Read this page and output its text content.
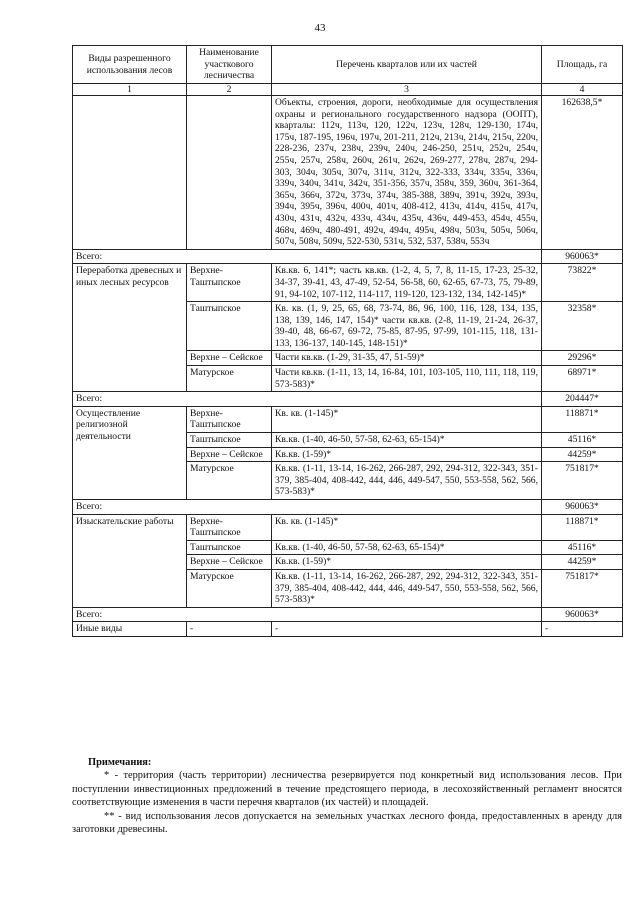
43
Виды разрешенного использования лесов	Наименование участкового лесничества	Перечень кварталов или их частей	Площадь, га
1	2	3	4
		Объекты, строения, дороги, необходимые для осуществления охраны и регионального государственного надзора (ООПТ), кварталы: 112ч, 113ч, 120, 122ч, 123ч, 128ч, 129-130, 174ч, 175ч, 187-195, 196ч, 197ч, 201-211, 212ч, 213ч, 214ч, 215ч, 220ч, 228-236, 237ч, 238ч, 239ч, 240ч, 246-250, 251ч, 252ч, 254ч, 255ч, 257ч, 258ч, 260ч, 261ч, 262ч, 269-277, 278ч, 287ч, 294-303, 304ч, 305ч, 307ч, 311ч, 312ч, 322-333, 334ч, 335ч, 336ч, 339ч, 340ч, 341ч, 342ч, 351-356, 357ч, 358ч, 359, 360ч, 361-364, 365ч, 366ч, 372ч, 373ч, 374ч, 385-388, 389ч, 391ч, 392ч, 393ч, 394ч, 395ч, 396ч, 400ч, 401ч, 408-412, 413ч, 414ч, 415ч, 417ч, 430ч, 431ч, 432ч, 433ч, 434ч, 435ч, 436ч, 449-453, 454ч, 455ч, 468ч, 469ч, 480-491, 492ч, 494ч, 495ч, 498ч, 503ч, 505ч, 506ч, 507ч, 508ч, 509ч, 522-530, 531ч, 532, 537, 538ч, 553ч	162638,5*
Всего:			960063*
Переработка древесных и иных лесных ресурсов	Верхне-Таштыпское	Кв.кв. 6, 141*; часть кв.кв. (1-2, 4, 5, 7, 8, 11-15, 17-23, 25-32, 34-37, 39-41, 43, 47-49, 52-54, 56-58, 60, 62-65, 67-73, 75, 79-89, 91, 94-102, 107-112, 114-117, 119-120, 123-132, 134, 142-145)*	73822*
	Таштыпское	Кв. кв. (1, 9, 25, 65, 68, 73-74, 86, 96, 100, 116, 128, 134, 135, 138, 139, 146, 147, 154)* части кв.кв. (2-8, 11-19, 21-24, 26-37, 39-40, 48, 66-67, 69-72, 75-85, 87-95, 97-99, 101-115, 118, 131-133, 136-137, 140-145, 148-151)*	32358*
	Верхне – Сейское	Части кв.кв. (1-29, 31-35, 47, 51-59)*	29296*
	Матурское	Части кв.кв. (1-11, 13, 14, 16-84, 101, 103-105, 110, 111, 118, 119, 573-583)*	68971*
Всего:			204447*
Осуществление религиозной деятельности	Верхне-Таштыпское	Кв. кв. (1-145)*	118871*
	Таштыпское	Кв.кв. (1-40, 46-50, 57-58, 62-63, 65-154)*	45116*
	Верхне – Сейское	Кв.кв. (1-59)*	44259*
	Матурское	Кв.кв. (1-11, 13-14, 16-262, 266-287, 292, 294-312, 322-343, 351-379, 385-404, 408-442, 444, 446, 449-547, 550, 553-558, 562, 566, 573-583)*	751817*
Всего:			960063*
Изыскательские работы	Верхне-Таштыпское	Кв. кв. (1-145)*	118871*
	Таштыпское	Кв.кв. (1-40, 46-50, 57-58, 62-63, 65-154)*	45116*
	Верхне – Сейское	Кв.кв. (1-59)*	44259*
	Матурское	Кв.кв. (1-11, 13-14, 16-262, 266-287, 292, 294-312, 322-343, 351-379, 385-404, 408-442, 444, 446, 449-547, 550, 553-558, 562, 566, 573-583)*	751817*
Всего:			960063*
Иные виды	-	-	-
Примечания:

* - территория (часть территории) лесничества резервируется под конкретный вид использования лесов. При поступлении инвестиционных предложений в течение предстоящего периода, в лесохозяйственный регламент вносятся соответствующие изменения в части перечня кварталов (их частей) и площадей.

** - вид использования лесов допускается на земельных участках лесного фонда, предоставленных в аренду для заготовки древесины.
